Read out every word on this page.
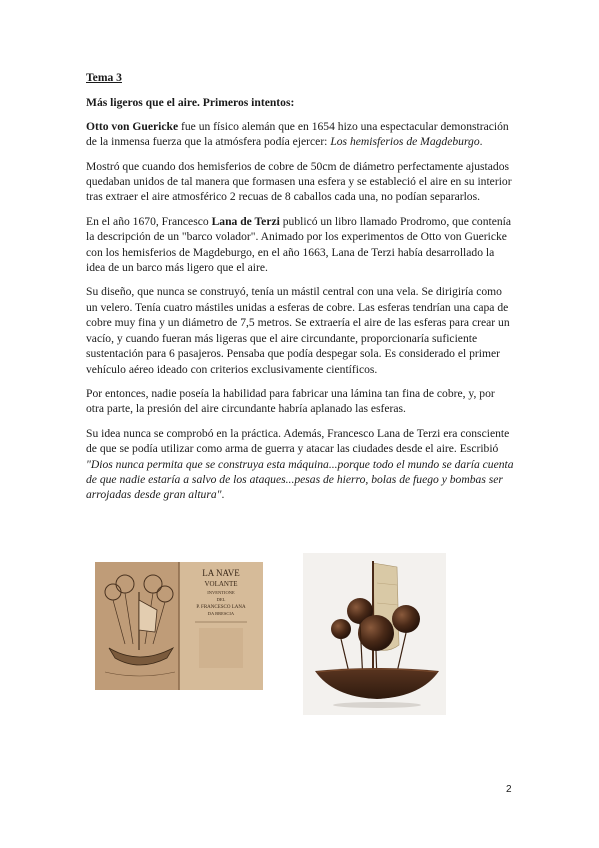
Tema 3
Más ligeros que el aire. Primeros intentos:

Otto von Guericke fue un físico alemán que en 1654 hizo una espectacular demonstración de la inmensa fuerza que la atmósfera podía ejercer: Los hemisferios de Magdeburgo.

Mostró que cuando dos hemisferios de cobre de 50cm de diámetro perfectamente ajustados quedaban unidos de tal manera que formasen una esfera y se estableció el aire en su interior tras extraer el aire atmosférico 2 recuas de 8 caballos cada una, no podían separarlos.

En el año 1670, Francesco Lana de Terzi publicó un libro llamado Prodromo, que contenía la descripción de un "barco volador". Animado por los experimentos de Otto von Guericke con los hemisferios de Magdeburgo, en el año 1663, Lana de Terzi había desarrollado la idea de un barco más ligero que el aire.

Su diseño, que nunca se construyó, tenía un mástil central con una vela. Se dirigiría como un velero. Tenía cuatro mástiles unidas a esferas de cobre. Las esferas tendrían una capa de cobre muy fina y un diámetro de 7,5 metros. Se extraería el aire de las esferas para crear un vacío, y cuando fueran más ligeras que el aire circundante, proporcionaría suficiente sustentación para 6 pasajeros. Pensaba que podía despegar sola. Es considerado el primer vehículo aéreo ideado con criterios exclusivamente científicos.

Por entonces, nadie poseía la habilidad para fabricar una lámina tan fina de cobre, y, por otra parte, la presión del aire circundante habría aplanado las esferas.

Su idea nunca se comprobó en la práctica. Además, Francesco Lana de Terzi era consciente de que se podía utilizar como arma de guerra y atacar las ciudades desde el aire. Escribió "Dios nunca permita que se construya esta máquina...porque todo el mundo se daría cuenta de que nadie estaría a salvo de los ataques...pesas de hierro, bolas de fuego y bombas ser arrojadas desde gran altura".

LA NAVE
VOLANTE
INVENTIONE
DEL
P. FRANCESCO LANA
DA BRESCIA
2
